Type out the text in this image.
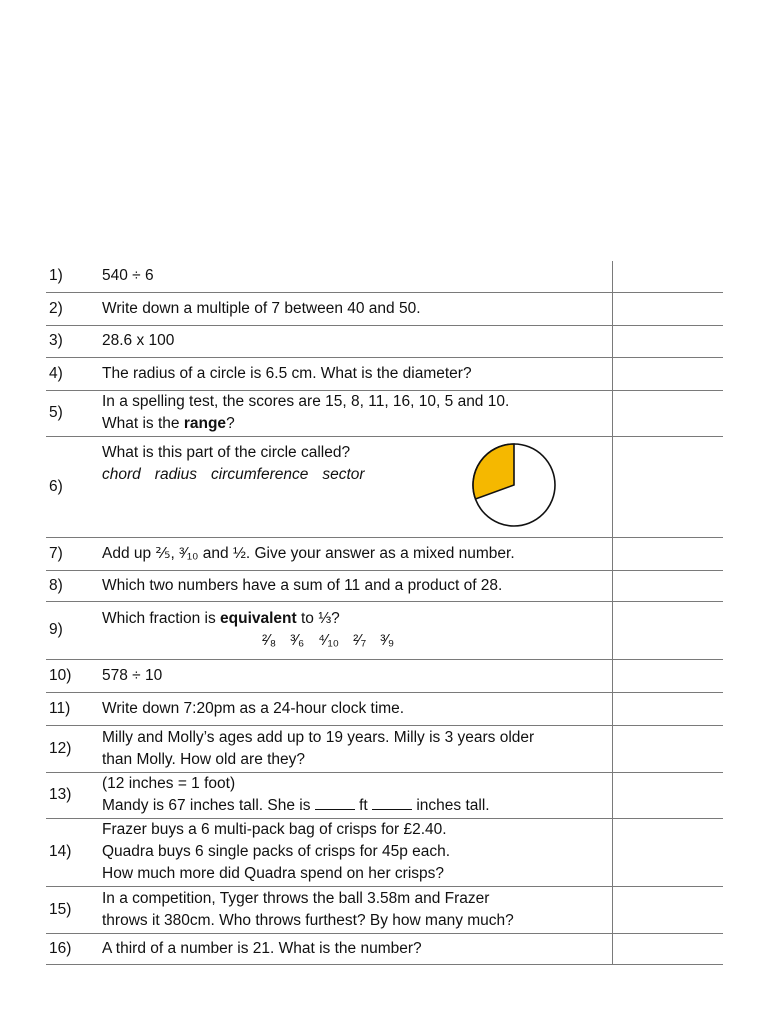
1)	540 ÷ 6	

2)	Write down a multiple of 7 between 40 and 50.	

3)	28.6 x 100	

4)	The radius of a circle is 6.5 cm. What is the diameter?	

5)	In a spelling test, the scores are 15, 8, 11, 16, 10, 5 and 10.
What is the range?	

6)	What is this part of the circle called?
chord radius circumference sector	

7)	Add up ⅖, ³⁄₁₀ and ½. Give your answer as a mixed number.	

8)	Which two numbers have a sum of 11 and a product of 28.	

9)	Which fraction is equivalent to ⅓?
²⁄₈ ³⁄₆ ⁴⁄₁₀ ²⁄₇ ³⁄₉	

10)	578 ÷ 10	

11)	Write down 7:20pm as a 24-hour clock time.	

12)	Milly and Molly’s ages add up to 19 years. Milly is 3 years older
than Molly. How old are they?	

13)	(12 inches = 1 foot)
Mandy is 67 inches tall. She is ft inches tall.	

14)	Frazer buys a 6 multi-pack bag of crisps for £2.40.
Quadra buys 6 single packs of crisps for 45p each.
How much more did Quadra spend on her crisps?	

15)	In a competition, Tyger throws the ball 3.58m and Frazer
throws it 380cm. Who throws furthest? By how many much?	

16)	A third of a number is 21. What is the number?	
